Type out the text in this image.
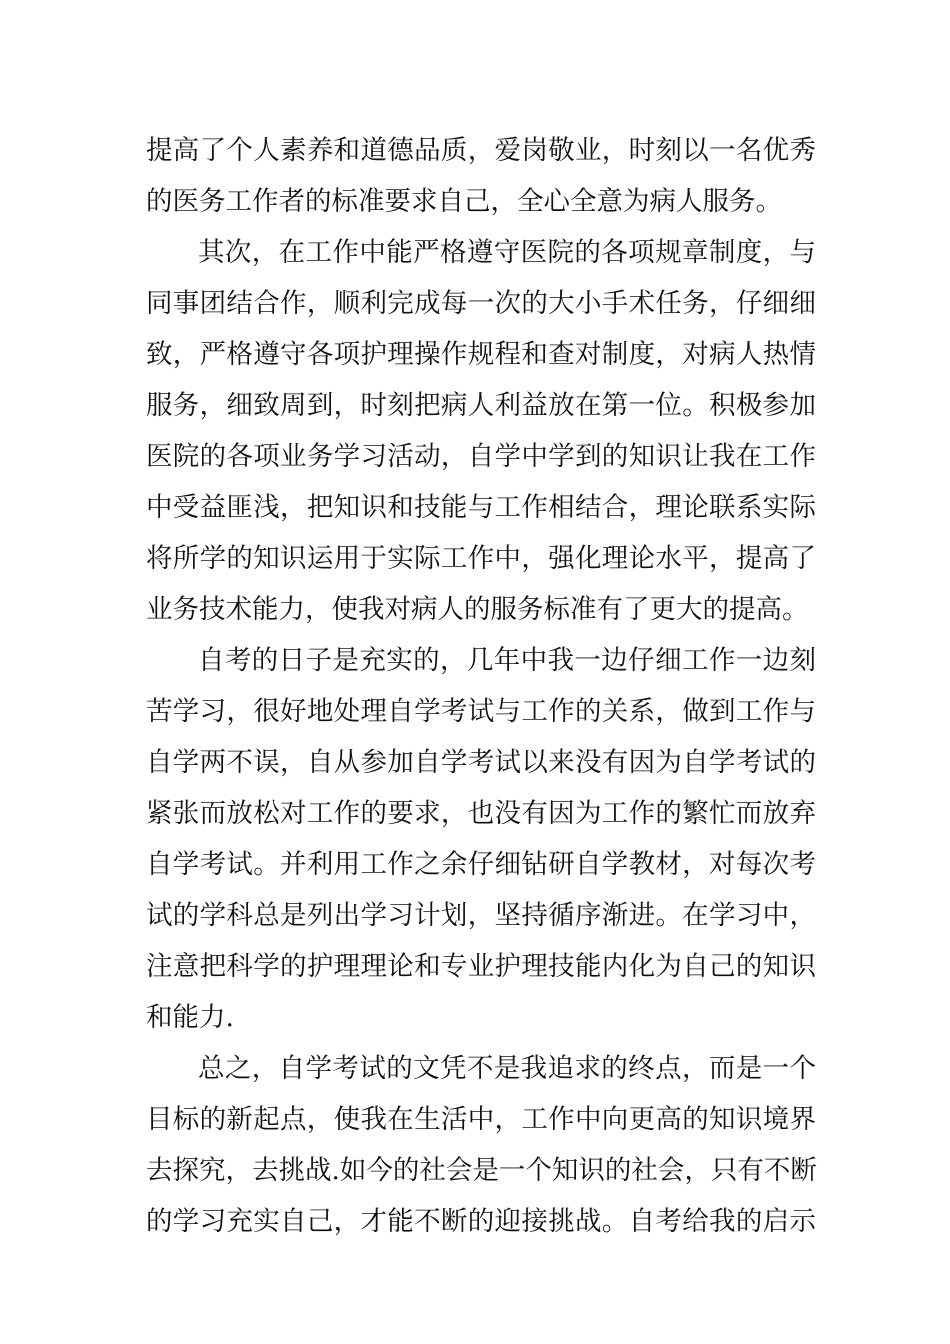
提高了个人素养和道德品质，爱岗敬业，时刻以一名优秀
的医务工作者的标准要求自己，全心全意为病人服务。
其次，在工作中能严格遵守医院的各项规章制度，与
同事团结合作，顺利完成每一次的大小手术任务，仔细细
致，严格遵守各项护理操作规程和查对制度，对病人热情
服务，细致周到，时刻把病人利益放在第一位。积极参加
医院的各项业务学习活动，自学中学到的知识让我在工作
中受益匪浅，把知识和技能与工作相结合，理论联系实际
将所学的知识运用于实际工作中，强化理论水平，提高了
业务技术能力，使我对病人的服务标准有了更大的提高。
自考的日子是充实的，几年中我一边仔细工作一边刻
苦学习，很好地处理自学考试与工作的关系，做到工作与
自学两不误，自从参加自学考试以来没有因为自学考试的
紧张而放松对工作的要求，也没有因为工作的繁忙而放弃
自学考试。并利用工作之余仔细钻研自学教材，对每次考
试的学科总是列出学习计划，坚持循序渐进。在学习中，
注意把科学的护理理论和专业护理技能内化为自己的知识
和能力.
总之，自学考试的文凭不是我追求的终点，而是一个
目标的新起点，使我在生活中，工作中向更高的知识境界
去探究，去挑战.如今的社会是一个知识的社会，只有不断
的学习充实自己，才能不断的迎接挑战。自考给我的启示
